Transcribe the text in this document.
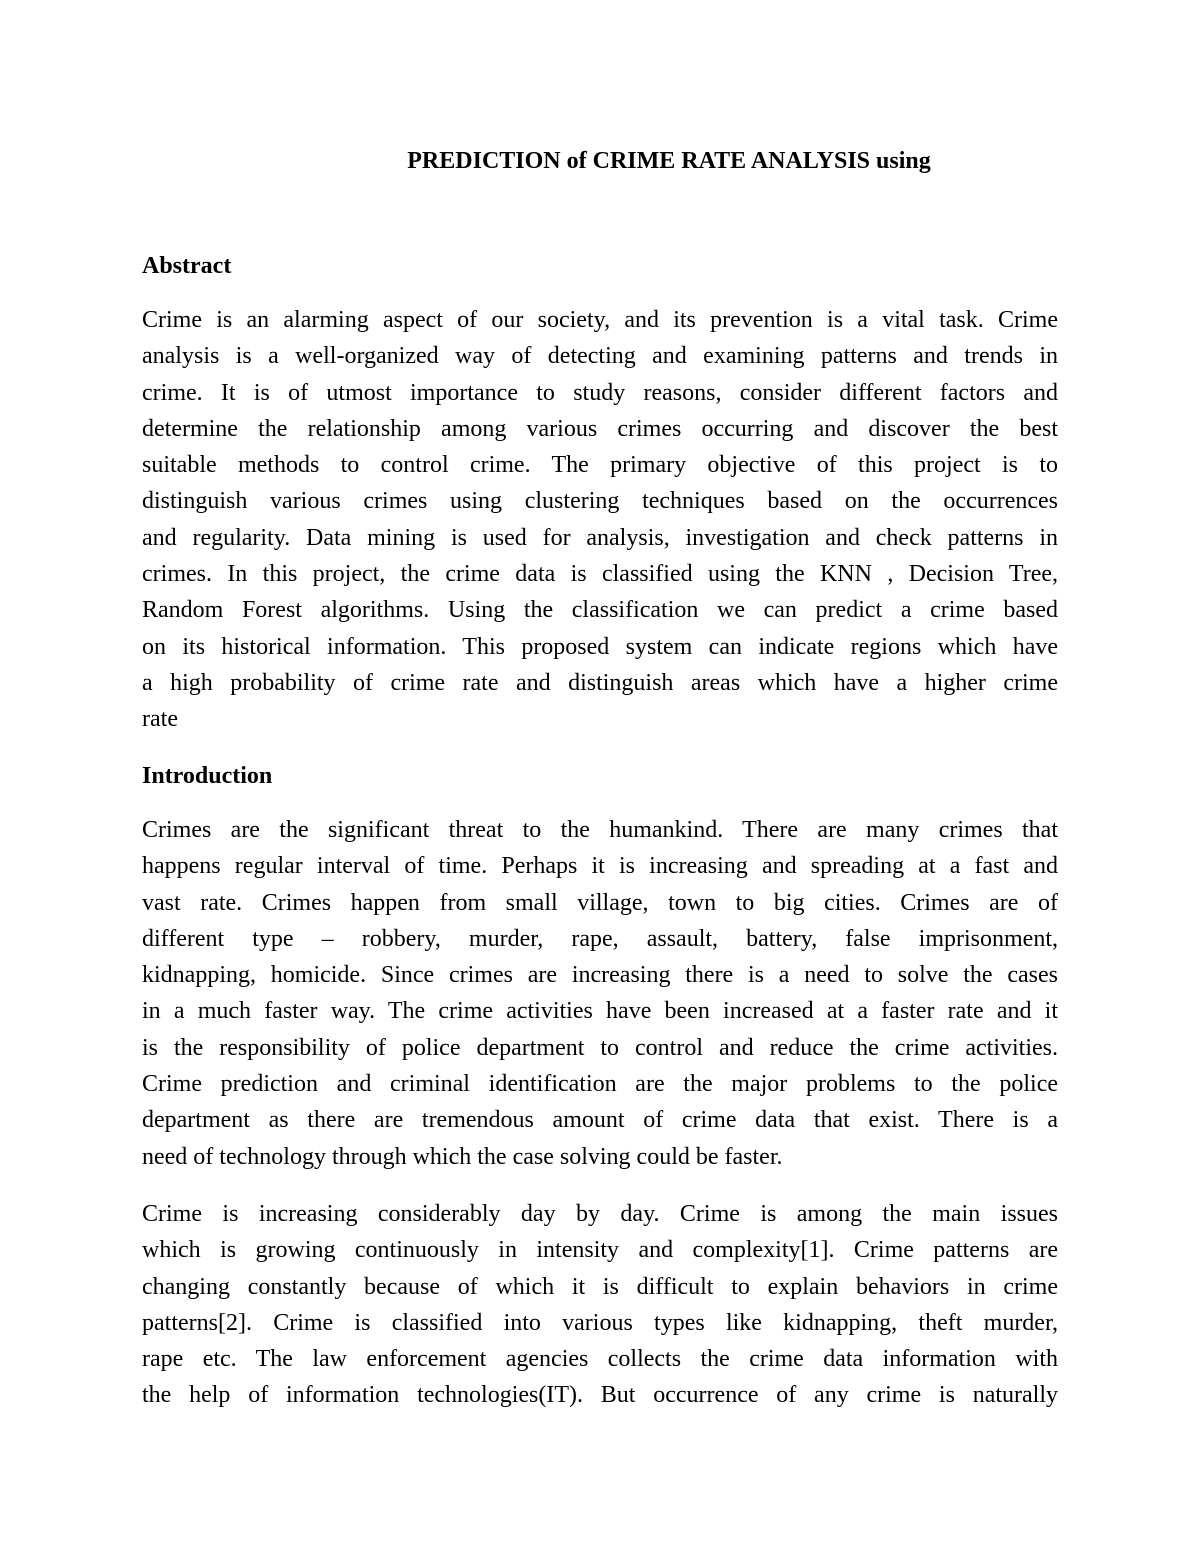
PREDICTION of CRIME RATE ANALYSIS using
Abstract
Crime is an alarming aspect of our society, and its prevention is a vital task. Crime
analysis is a well-organized way of detecting and examining patterns and trends in
crime. It is of utmost importance to study reasons, consider different factors and
determine the relationship among various crimes occurring and discover the best
suitable methods to control crime. The primary objective of this project is to
distinguish various crimes using clustering techniques based on the occurrences
and regularity. Data mining is used for analysis, investigation and check patterns in
crimes. In this project, the crime data is classified using the KNN , Decision Tree,
Random Forest algorithms. Using the classification we can predict a crime based
on its historical information. This proposed system can indicate regions which have
a high probability of crime rate and distinguish areas which have a higher crime
rate
Introduction
Crimes are the significant threat to the humankind. There are many crimes that
happens regular interval of time. Perhaps it is increasing and spreading at a fast and
vast rate. Crimes happen from small village, town to big cities. Crimes are of
different type – robbery, murder, rape, assault, battery, false imprisonment,
kidnapping, homicide. Since crimes are increasing there is a need to solve the cases
in a much faster way. The crime activities have been increased at a faster rate and it
is the responsibility of police department to control and reduce the crime activities.
Crime prediction and criminal identification are the major problems to the police
department as there are tremendous amount of crime data that exist. There is a
need of technology through which the case solving could be faster.
Crime is increasing considerably day by day. Crime is among the main issues
which is growing continuously in intensity and complexity[1]. Crime patterns are
changing constantly because of which it is difficult to explain behaviors in crime
patterns[2]. Crime is classified into various types like kidnapping, theft murder,
rape etc. The law enforcement agencies collects the crime data information with
the help of information technologies(IT). But occurrence of any crime is naturally
